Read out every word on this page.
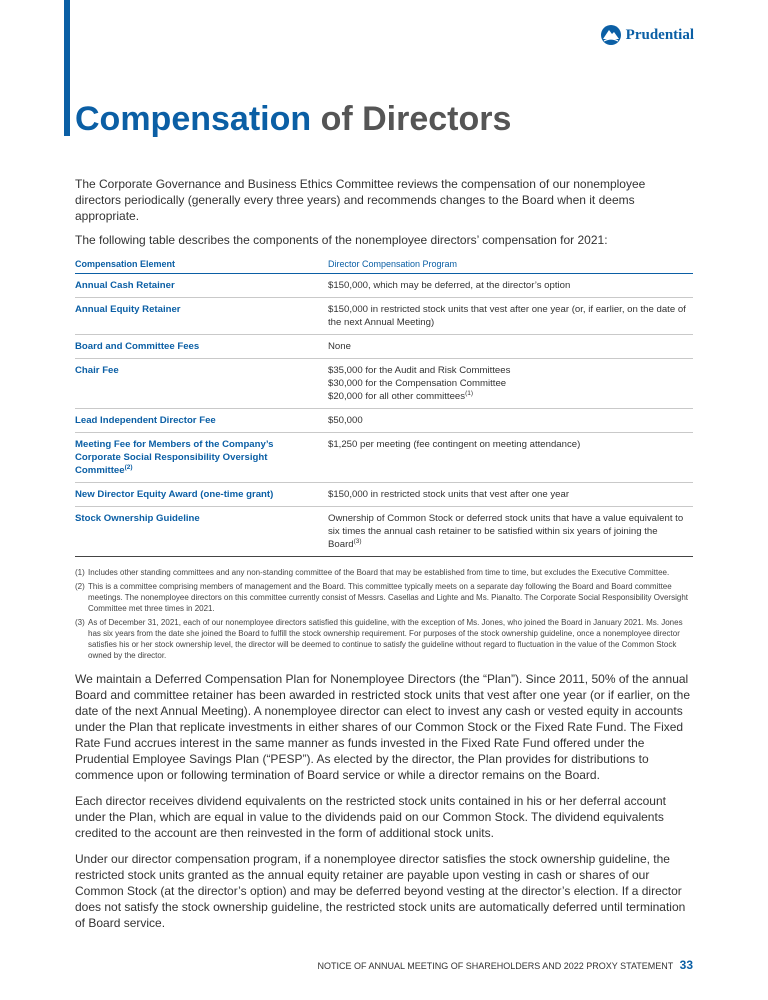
Prudential
Compensation of Directors

The Corporate Governance and Business Ethics Committee reviews the compensation of our nonemployee directors periodically (generally every three years) and recommends changes to the Board when it deems appropriate.

The following table describes the components of the nonemployee directors’ compensation for 2021:

Compensation Element	Director Compensation Program
Annual Cash Retainer	$150,000, which may be deferred, at the director’s option

Annual Equity Retainer	$150,000 in restricted stock units that vest after one year (or, if earlier, on the date of the next Annual Meeting)

Board and Committee Fees	None

Chair Fee	$35,000 for the Audit and Risk Committees
$30,000 for the Compensation Committee
$20,000 for all other committees$^{(1)}$

Lead Independent Director Fee	$50,000

Meeting Fee for Members of the Company’s Corporate Social Responsibility Oversight Committee$^{(2)}$	$1,250 per meeting (fee contingent on meeting attendance)

New Director Equity Award (one-time grant)	$150,000 in restricted stock units that vest after one year

Stock Ownership Guideline	Ownership of Common Stock or deferred stock units that have a value equivalent to six times the annual cash retainer to be satisfied within six years of joining the Board$^{(3)}$
(1) Includes other standing committees and any non-standing committee of the Board that may be established from time to time, but excludes the Executive Committee.
(2) This is a committee comprising members of management and the Board. This committee typically meets on a separate day following the Board and Board committee meetings. The nonemployee directors on this committee currently consist of Messrs. Casellas and Lighte and Ms. Pianalto. The Corporate Social Responsibility Oversight Committee met three times in 2021.
(3) As of December 31, 2021, each of our nonemployee directors satisfied this guideline, with the exception of Ms. Jones, who joined the Board in January 2021. Ms. Jones has six years from the date she joined the Board to fulfill the stock ownership requirement. For purposes of the stock ownership guideline, once a nonemployee director satisfies his or her stock ownership level, the director will be deemed to continue to satisfy the guideline without regard to fluctuation in the value of the Common Stock owned by the director.

We maintain a Deferred Compensation Plan for Nonemployee Directors (the “Plan”). Since 2011, 50% of the annual Board and committee retainer has been awarded in restricted stock units that vest after one year (or if earlier, on the date of the next Annual Meeting). A nonemployee director can elect to invest any cash or vested equity in accounts under the Plan that replicate investments in either shares of our Common Stock or the Fixed Rate Fund. The Fixed Rate Fund accrues interest in the same manner as funds invested in the Fixed Rate Fund offered under the Prudential Employee Savings Plan (“PESP”). As elected by the director, the Plan provides for distributions to commence upon or following termination of Board service or while a director remains on the Board.

Each director receives dividend equivalents on the restricted stock units contained in his or her deferral account under the Plan, which are equal in value to the dividends paid on our Common Stock. The dividend equivalents credited to the account are then reinvested in the form of additional stock units.

Under our director compensation program, if a nonemployee director satisfies the stock ownership guideline, the restricted stock units granted as the annual equity retainer are payable upon vesting in cash or shares of our Common Stock (at the director’s option) and may be deferred beyond vesting at the director’s election. If a director does not satisfy the stock ownership guideline, the restricted stock units are automatically deferred until termination of Board service.

NOTICE OF ANNUAL MEETING OF SHAREHOLDERS AND 2022 PROXY STATEMENT 33
